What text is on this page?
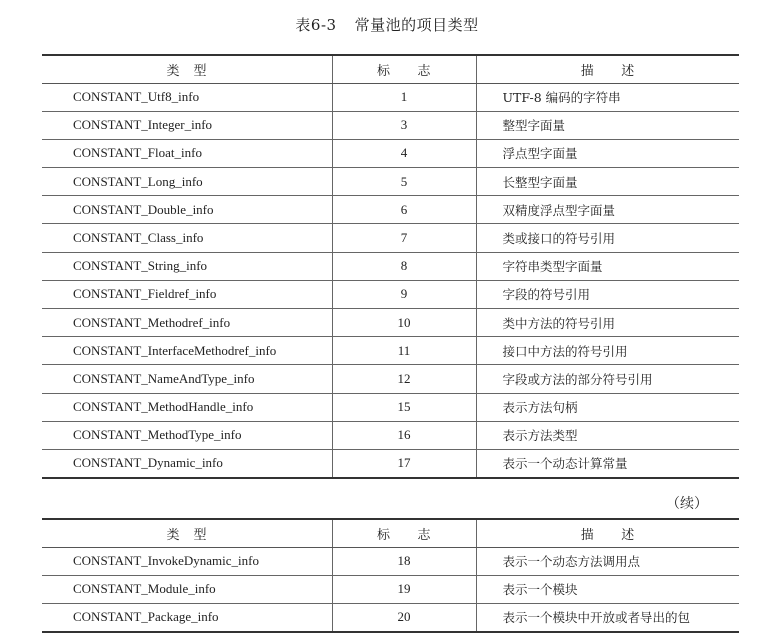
表6-3 常量池的项目类型
类　型	标　　志	描　　述
CONSTANT_Utf8_info	1	UTF-8 编码的字符串
CONSTANT_Integer_info	3	整型字面量
CONSTANT_Float_info	4	浮点型字面量
CONSTANT_Long_info	5	长整型字面量
CONSTANT_Double_info	6	双精度浮点型字面量
CONSTANT_Class_info	7	类或接口的符号引用
CONSTANT_String_info	8	字符串类型字面量
CONSTANT_Fieldref_info	9	字段的符号引用
CONSTANT_Methodref_info	10	类中方法的符号引用
CONSTANT_InterfaceMethodref_info	11	接口中方法的符号引用
CONSTANT_NameAndType_info	12	字段或方法的部分符号引用
CONSTANT_MethodHandle_info	15	表示方法句柄
CONSTANT_MethodType_info	16	表示方法类型
CONSTANT_Dynamic_info	17	表示一个动态计算常量
（续）
类　型	标　　志	描　　述
CONSTANT_InvokeDynamic_info	18	表示一个动态方法调用点
CONSTANT_Module_info	19	表示一个模块
CONSTANT_Package_info	20	表示一个模块中开放或者导出的包
